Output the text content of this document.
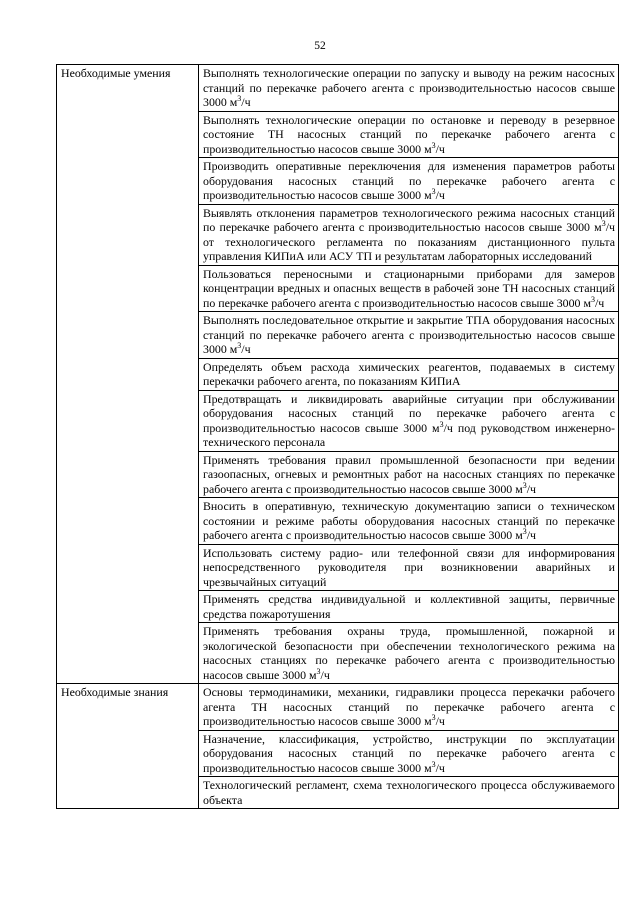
52
Необходимые умения	Выполнять технологические операции по запуску и выводу на режим насосных станций по перекачке рабочего агента с производительностью насосов свыше 3000 $м^3/ч$
	Выполнять технологические операции по остановке и переводу в резервное состояние ТН насосных станций по перекачке рабочего агента с производительностью насосов свыше 3000 $м^3/ч$
	Производить оперативные переключения для изменения параметров работы оборудования насосных станций по перекачке рабочего агента с производительностью насосов свыше 3000 $м^3/ч$
	Выявлять отклонения параметров технологического режима насосных станций по перекачке рабочего агента с производительностью насосов свыше 3000 $м^3/ч$ от технологического регламента по показаниям дистанционного пульта управления КИПиА или АСУ ТП и результатам лабораторных исследований
	Пользоваться переносными и стационарными приборами для замеров концентрации вредных и опасных веществ в рабочей зоне ТН насосных станций по перекачке рабочего агента с производительностью насосов свыше 3000 $м^3/ч$
	Выполнять последовательное открытие и закрытие ТПА оборудования насосных станций по перекачке рабочего агента с производительностью насосов свыше 3000 $м^3/ч$
	Определять объем расхода химических реагентов, подаваемых в систему перекачки рабочего агента, по показаниям КИПиА
	Предотвращать и ликвидировать аварийные ситуации при обслуживании оборудования насосных станций по перекачке рабочего агента с производительностью насосов свыше 3000 $м^3/ч$ под руководством инженерно-технического персонала
	Применять требования правил промышленной безопасности при ведении газоопасных, огневых и ремонтных работ на насосных станциях по перекачке рабочего агента с производительностью насосов свыше 3000 $м^3/ч$
	Вносить в оперативную, техническую документацию записи о техническом состоянии и режиме работы оборудования насосных станций по перекачке рабочего агента с производительностью насосов свыше 3000 $м^3/ч$
	Использовать систему радио- или телефонной связи для информирования непосредственного руководителя при возникновении аварийных и чрезвычайных ситуаций
	Применять средства индивидуальной и коллективной защиты, первичные средства пожаротушения
	Применять требования охраны труда, промышленной, пожарной и экологической безопасности при обеспечении технологического режима на насосных станциях по перекачке рабочего агента с производительностью насосов свыше 3000 $м^3/ч$
Необходимые знания	Основы термодинамики, механики, гидравлики процесса перекачки рабочего агента ТН насосных станций по перекачке рабочего агента с производительностью насосов свыше 3000 $м^3/ч$
	Назначение, классификация, устройство, инструкции по эксплуатации оборудования насосных станций по перекачке рабочего агента с производительностью насосов свыше 3000 $м^3/ч$
	Технологический регламент, схема технологического процесса обслуживаемого объекта
